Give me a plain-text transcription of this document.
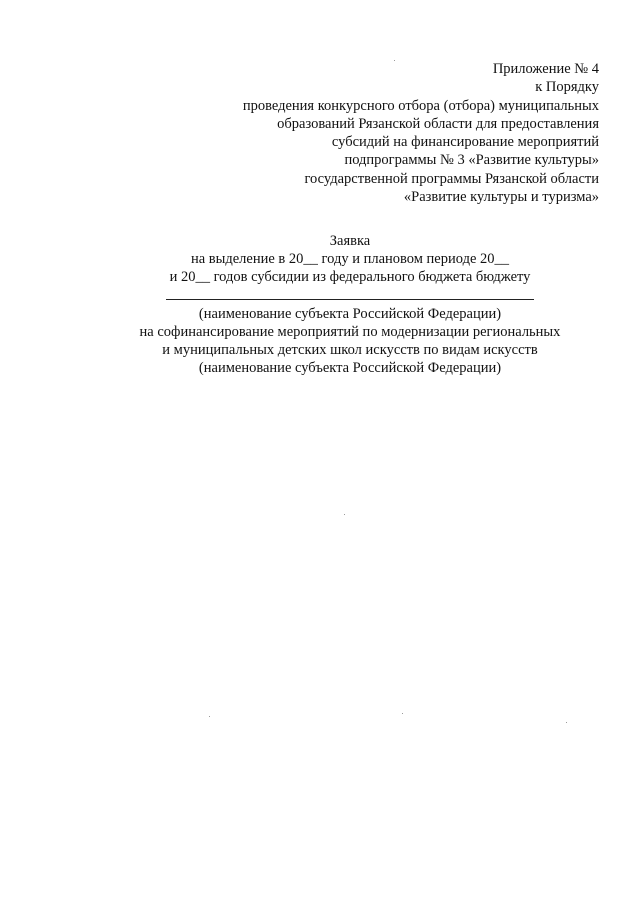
Приложение № 4
к Порядку
проведения конкурсного отбора (отбора) муниципальных
образований Рязанской области для предоставления
субсидий на финансирование мероприятий
подпрограммы № 3 «Развитие культуры»
государственной программы Рязанской области
«Развитие культуры и туризма»
Заявка
на выделение в 20__ году и плановом периоде 20__
и 20__ годов субсидии из федерального бюджета бюджету
(наименование субъекта Российской Федерации)
на софинансирование мероприятий по модернизации региональных
и муниципальных детских школ искусств по видам искусств
(наименование субъекта Российской Федерации)
